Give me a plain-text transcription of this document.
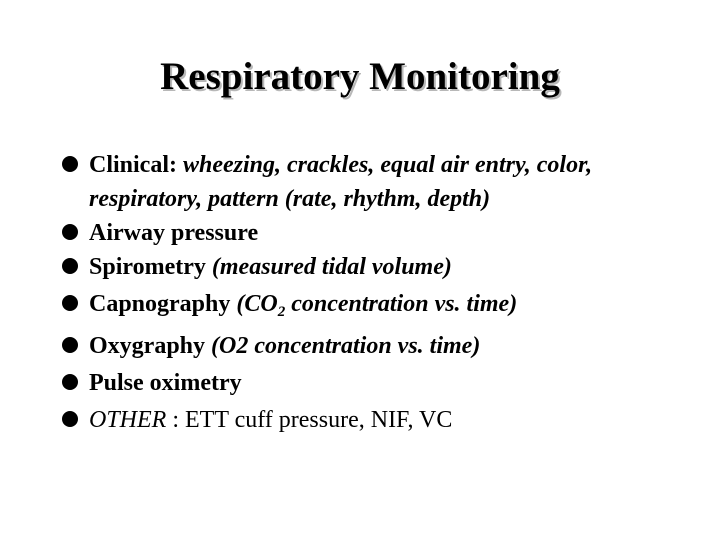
Respiratory Monitoring
Clinical: wheezing, crackles, equal air entry, color, respiratory, pattern (rate, rhythm, depth)
Airway pressure
Spirometry (measured tidal volume)
Capnography ($CO_2$ concentration vs. time)
Oxygraphy (O2 concentration vs. time)
Pulse oximetry
OTHER : ETT cuff pressure, NIF, VC
